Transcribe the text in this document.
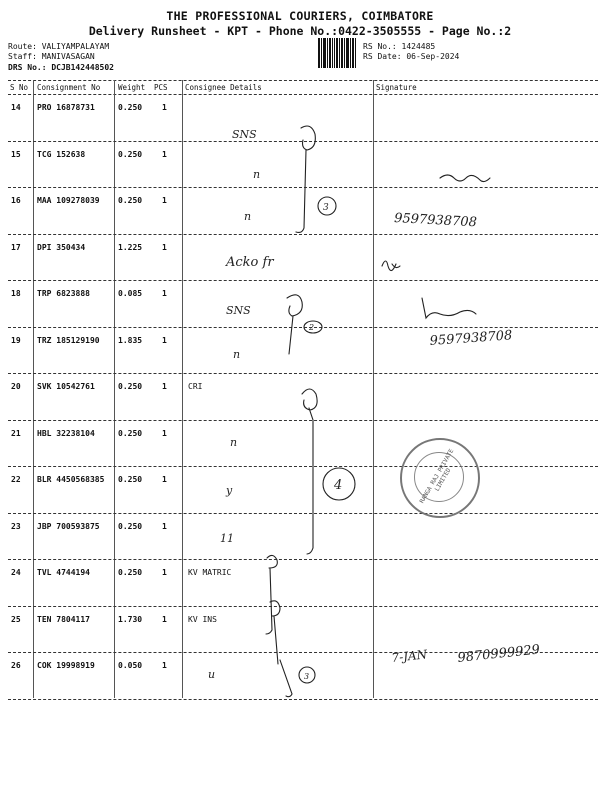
THE PROFESSIONAL COURIERS, COIMBATORE
Delivery Runsheet - KPT - Phone No.:0422-3505555 - Page No.:2
Route: VALIYAMPALAYAM
Staff: MANIVASAGAN
DRS No.: DCJB142448502
RS No.: 1424485
RS Date: 06-Sep-2024
S No Consignment No Weight PCS Consignee Details	Signature
14 PRO 16878731	0.250 1
15 TCG 152638	0.250 1
16 MAA 109278039 0.250 1
17 DPI 350434	1.225 1
18 TRP 6823888	0.085 1
19 TRZ 185129190 1.835 1
20 SVK 10542761	0.250 1	CRI
21 HBL 32238104	0.250 1
22 BLR 4450568385 0.250 1
23 JBP 700593875 0.250 1
24 TVL 4744194	0.250 1	KV MATRIC
25 TEN 7804117	1.730 1	KV INS
26 COK 19998919	0.050 1
SNS
n
n
3
Acko fr
SNS
2
n
n
y	4
11
3
u
9597938708
9597938708
7-JAN 9870999929
RANGA RAJ PRIVATE LIMITED
